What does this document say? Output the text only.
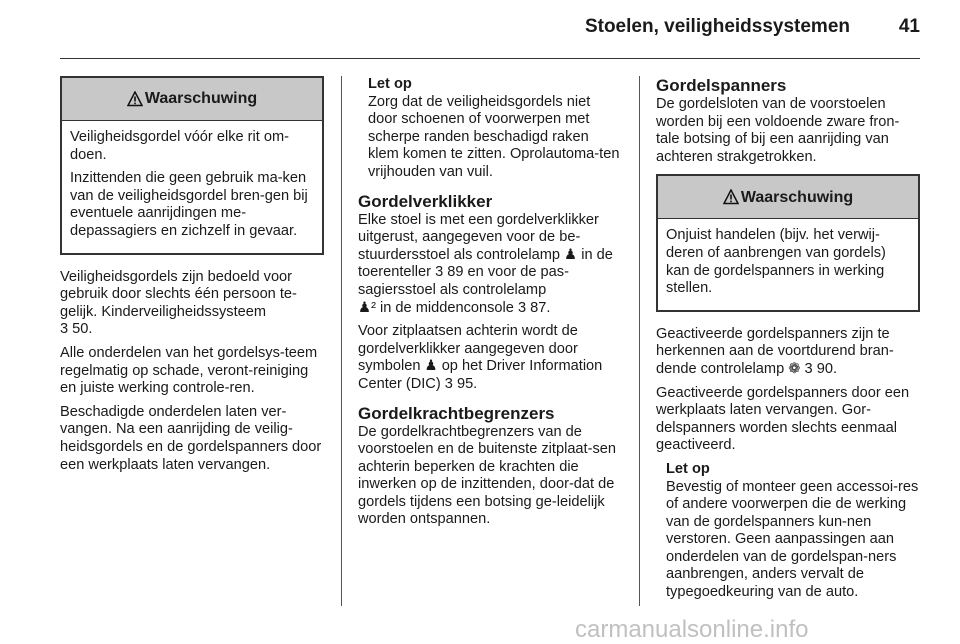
Stoelen, veiligheidssystemen	41
Waarschuwing

Veiligheidsgordel vóór elke rit om-doen.

Inzittenden die geen gebruik ma-ken van de veiligheidsgordel bren-gen bij eventuele aanrijdingen me-depassagiers en zichzelf in gevaar.

Veiligheidsgordels zijn bedoeld voor gebruik door slechts één persoon te-gelijk. Kinderveiligheidssysteem
3 50.

Alle onderdelen van het gordelsys-teem regelmatig op schade, veront-reiniging en juiste werking controle-ren.

Beschadigde onderdelen laten ver-vangen. Na een aanrijding de veilig-heidsgordels en de gordelspanners door een werkplaats laten vervangen.

Let op

Zorg dat de veiligheidsgordels niet door schoenen of voorwerpen met scherpe randen beschadigd raken klem komen te zitten. Oprolautoma-ten vrijhouden van vuil.

Gordelverklikker

Elke stoel is met een gordelverklikker uitgerust, aangegeven voor de be-stuurdersstoel als controlelamp ♟ in de toerenteller 3 89 en voor de pas-sagiersstoel als controlelamp
♟² in de middenconsole 3 87.

Voor zitplaatsen achterin wordt de gordelverklikker aangegeven door symbolen ♟ op het Driver Information Center (DIC) 3 95.

Gordelkrachtbegrenzers

De gordelkrachtbegrenzers van de voorstoelen en de buitenste zitplaat-sen achterin beperken de krachten die inwerken op de inzittenden, door-dat de gordels tijdens een botsing ge-leidelijk worden ontspannen.

Gordelspanners

De gordelsloten van de voorstoelen worden bij een voldoende zware fron-tale botsing of bij een aanrijding van achteren strakgetrokken.

Waarschuwing

Onjuist handelen (bijv. het verwij-deren of aanbrengen van gordels) kan de gordelspanners in werking stellen.

Geactiveerde gordelspanners zijn te herkennen aan de voortdurend bran-dende controlelamp ❁ 3 90.

Geactiveerde gordelspanners door een werkplaats laten vervangen. Gor-delspanners worden slechts eenmaal geactiveerd.

Let op

Bevestig of monteer geen accessoi-res of andere voorwerpen die de werking van de gordelspanners kun-nen verstoren. Geen aanpassingen aan onderdelen van de gordelspan-ners aanbrengen, anders vervalt de typegoedkeuring van de auto.

carmanualsonline.info
